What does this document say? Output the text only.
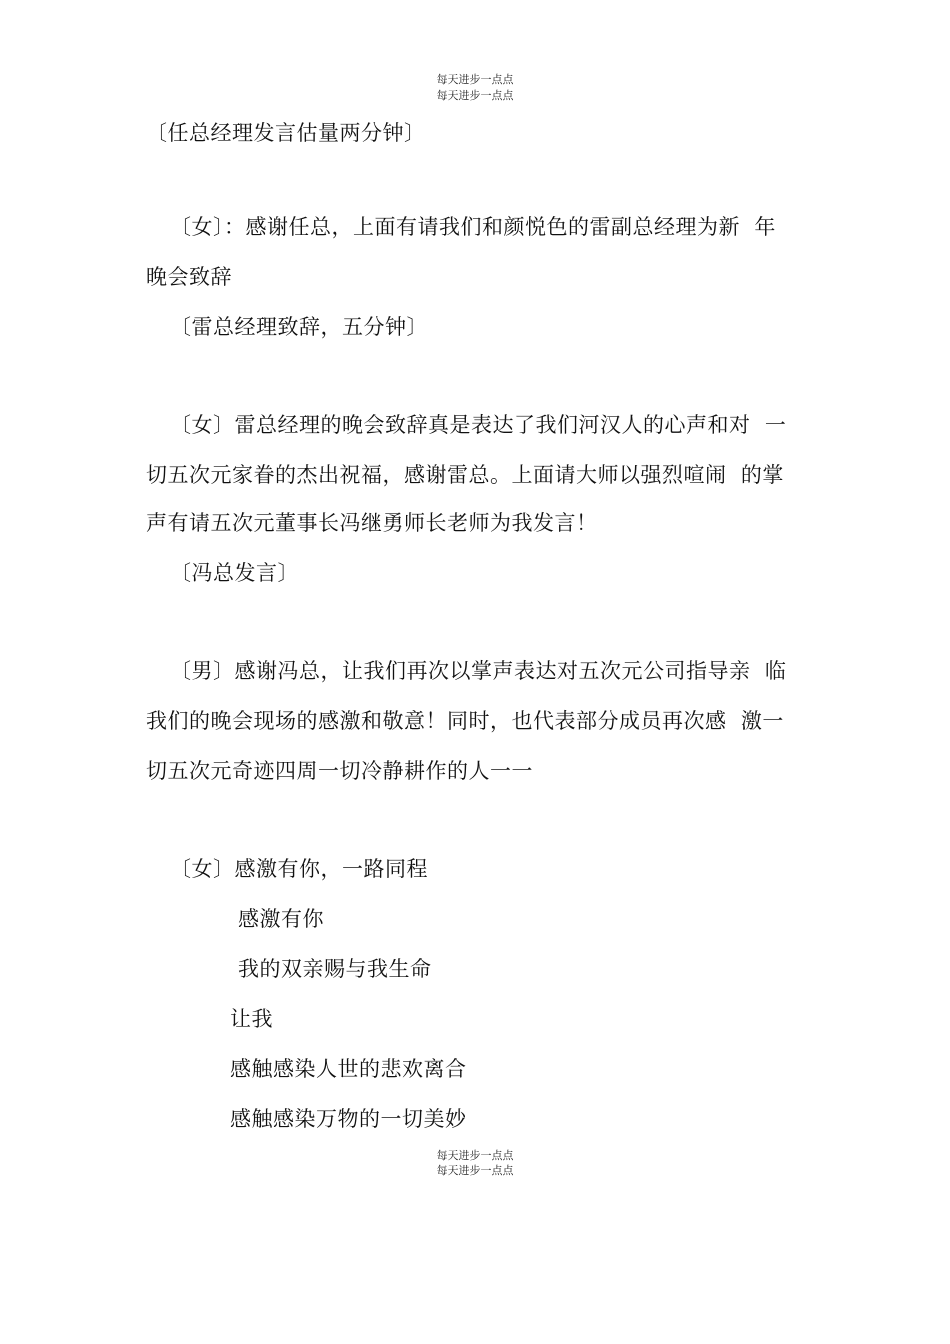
每天进步一点点
每天进步一点点
〔任总经理发言估量两分钟〕
〔女〕：感谢任总，上面有请我们和颜悦色的雷副总经理为新  年
晚会致辞
〔雷总经理致辞，五分钟〕
〔女〕雷总经理的晚会致辞真是表达了我们河汉人的心声和对  一
切五次元家眷的杰出祝福，感谢雷总。上面请大师以强烈喧闹  的掌
声有请五次元董事长冯继勇师长老师为我发言！
〔冯总发言〕
〔男〕感谢冯总，让我们再次以掌声表达对五次元公司指导亲  临
我们的晚会现场的感激和敬意！同时，也代表部分成员再次感  激一
切五次元奇迹四周一切冷静耕作的人一一
〔女〕感激有你，一路同程
感激有你
我的双亲赐与我生命
让我
感触感染人世的悲欢离合
感触感染万物的一切美妙
每天进步一点点
每天进步一点点
